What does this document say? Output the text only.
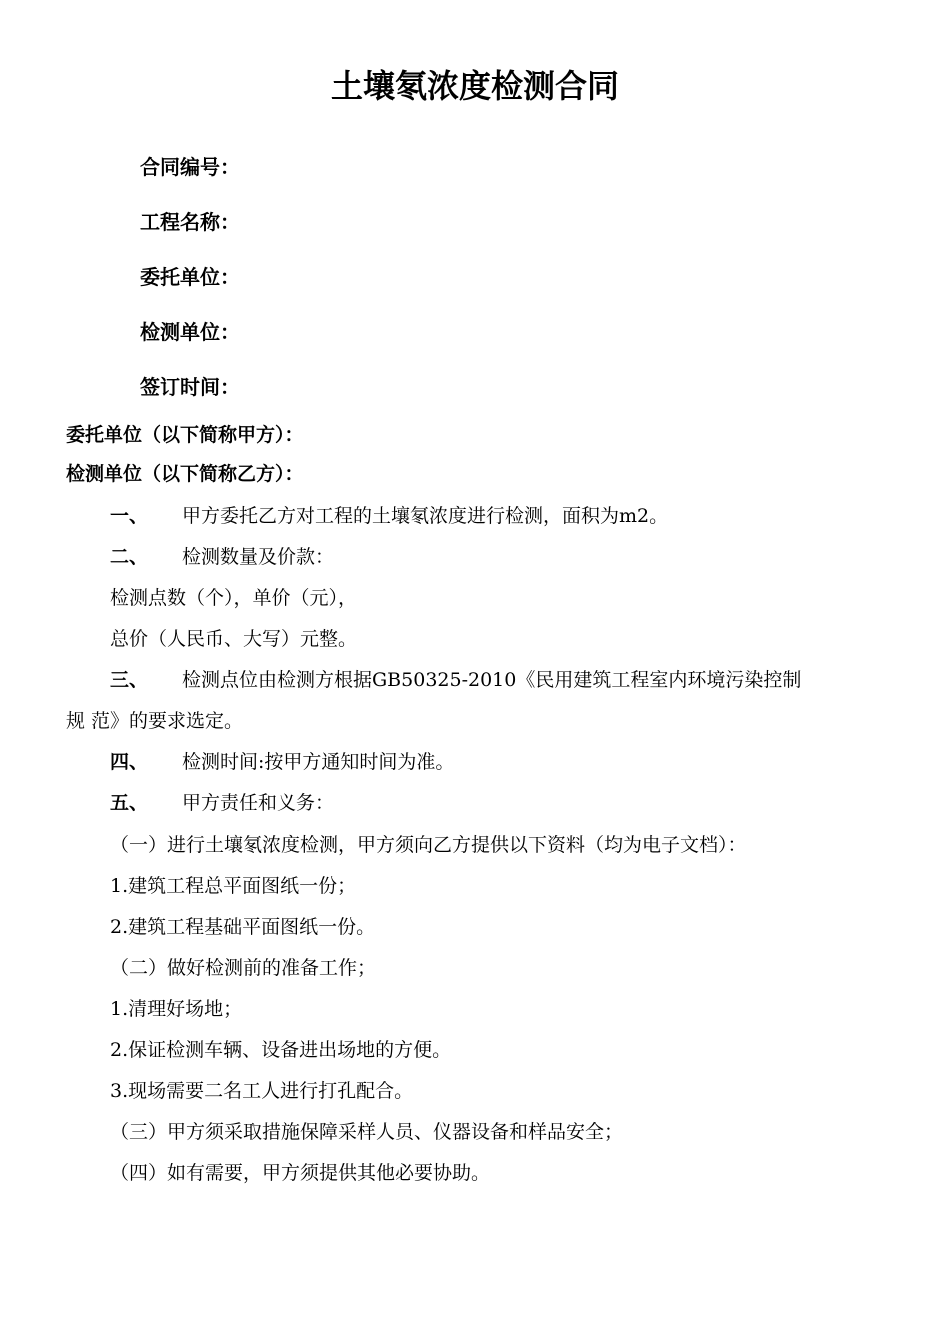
土壤氡浓度检测合同
合同编号：
工程名称：
委托单位：
检测单位：
签订时间：
委托单位（以下简称甲方）：
检测单位（以下简称乙方）：
一、 甲方委托乙方对工程的土壤氡浓度进行检测，面积为m2。
二、 检测数量及价款：
检测点数（个），单价（元），
总价（人民币、大写）元整。
三、 检测点位由检测方根据GB50325-2010《民用建筑工程室内环境污染控制
规 范》的要求选定。
四、 检测时间:按甲方通知时间为准。
五、 甲方责任和义务：
（一）进行土壤氡浓度检测，甲方须向乙方提供以下资料（均为电子文档）：
1.建筑工程总平面图纸一份；
2.建筑工程基础平面图纸一份。
（二）做好检测前的准备工作；
1.清理好场地；
2.保证检测车辆、设备进出场地的方便。
3.现场需要二名工人进行打孔配合。
（三）甲方须采取措施保障采样人员、仪器设备和样品安全；
（四）如有需要，甲方须提供其他必要协助。
